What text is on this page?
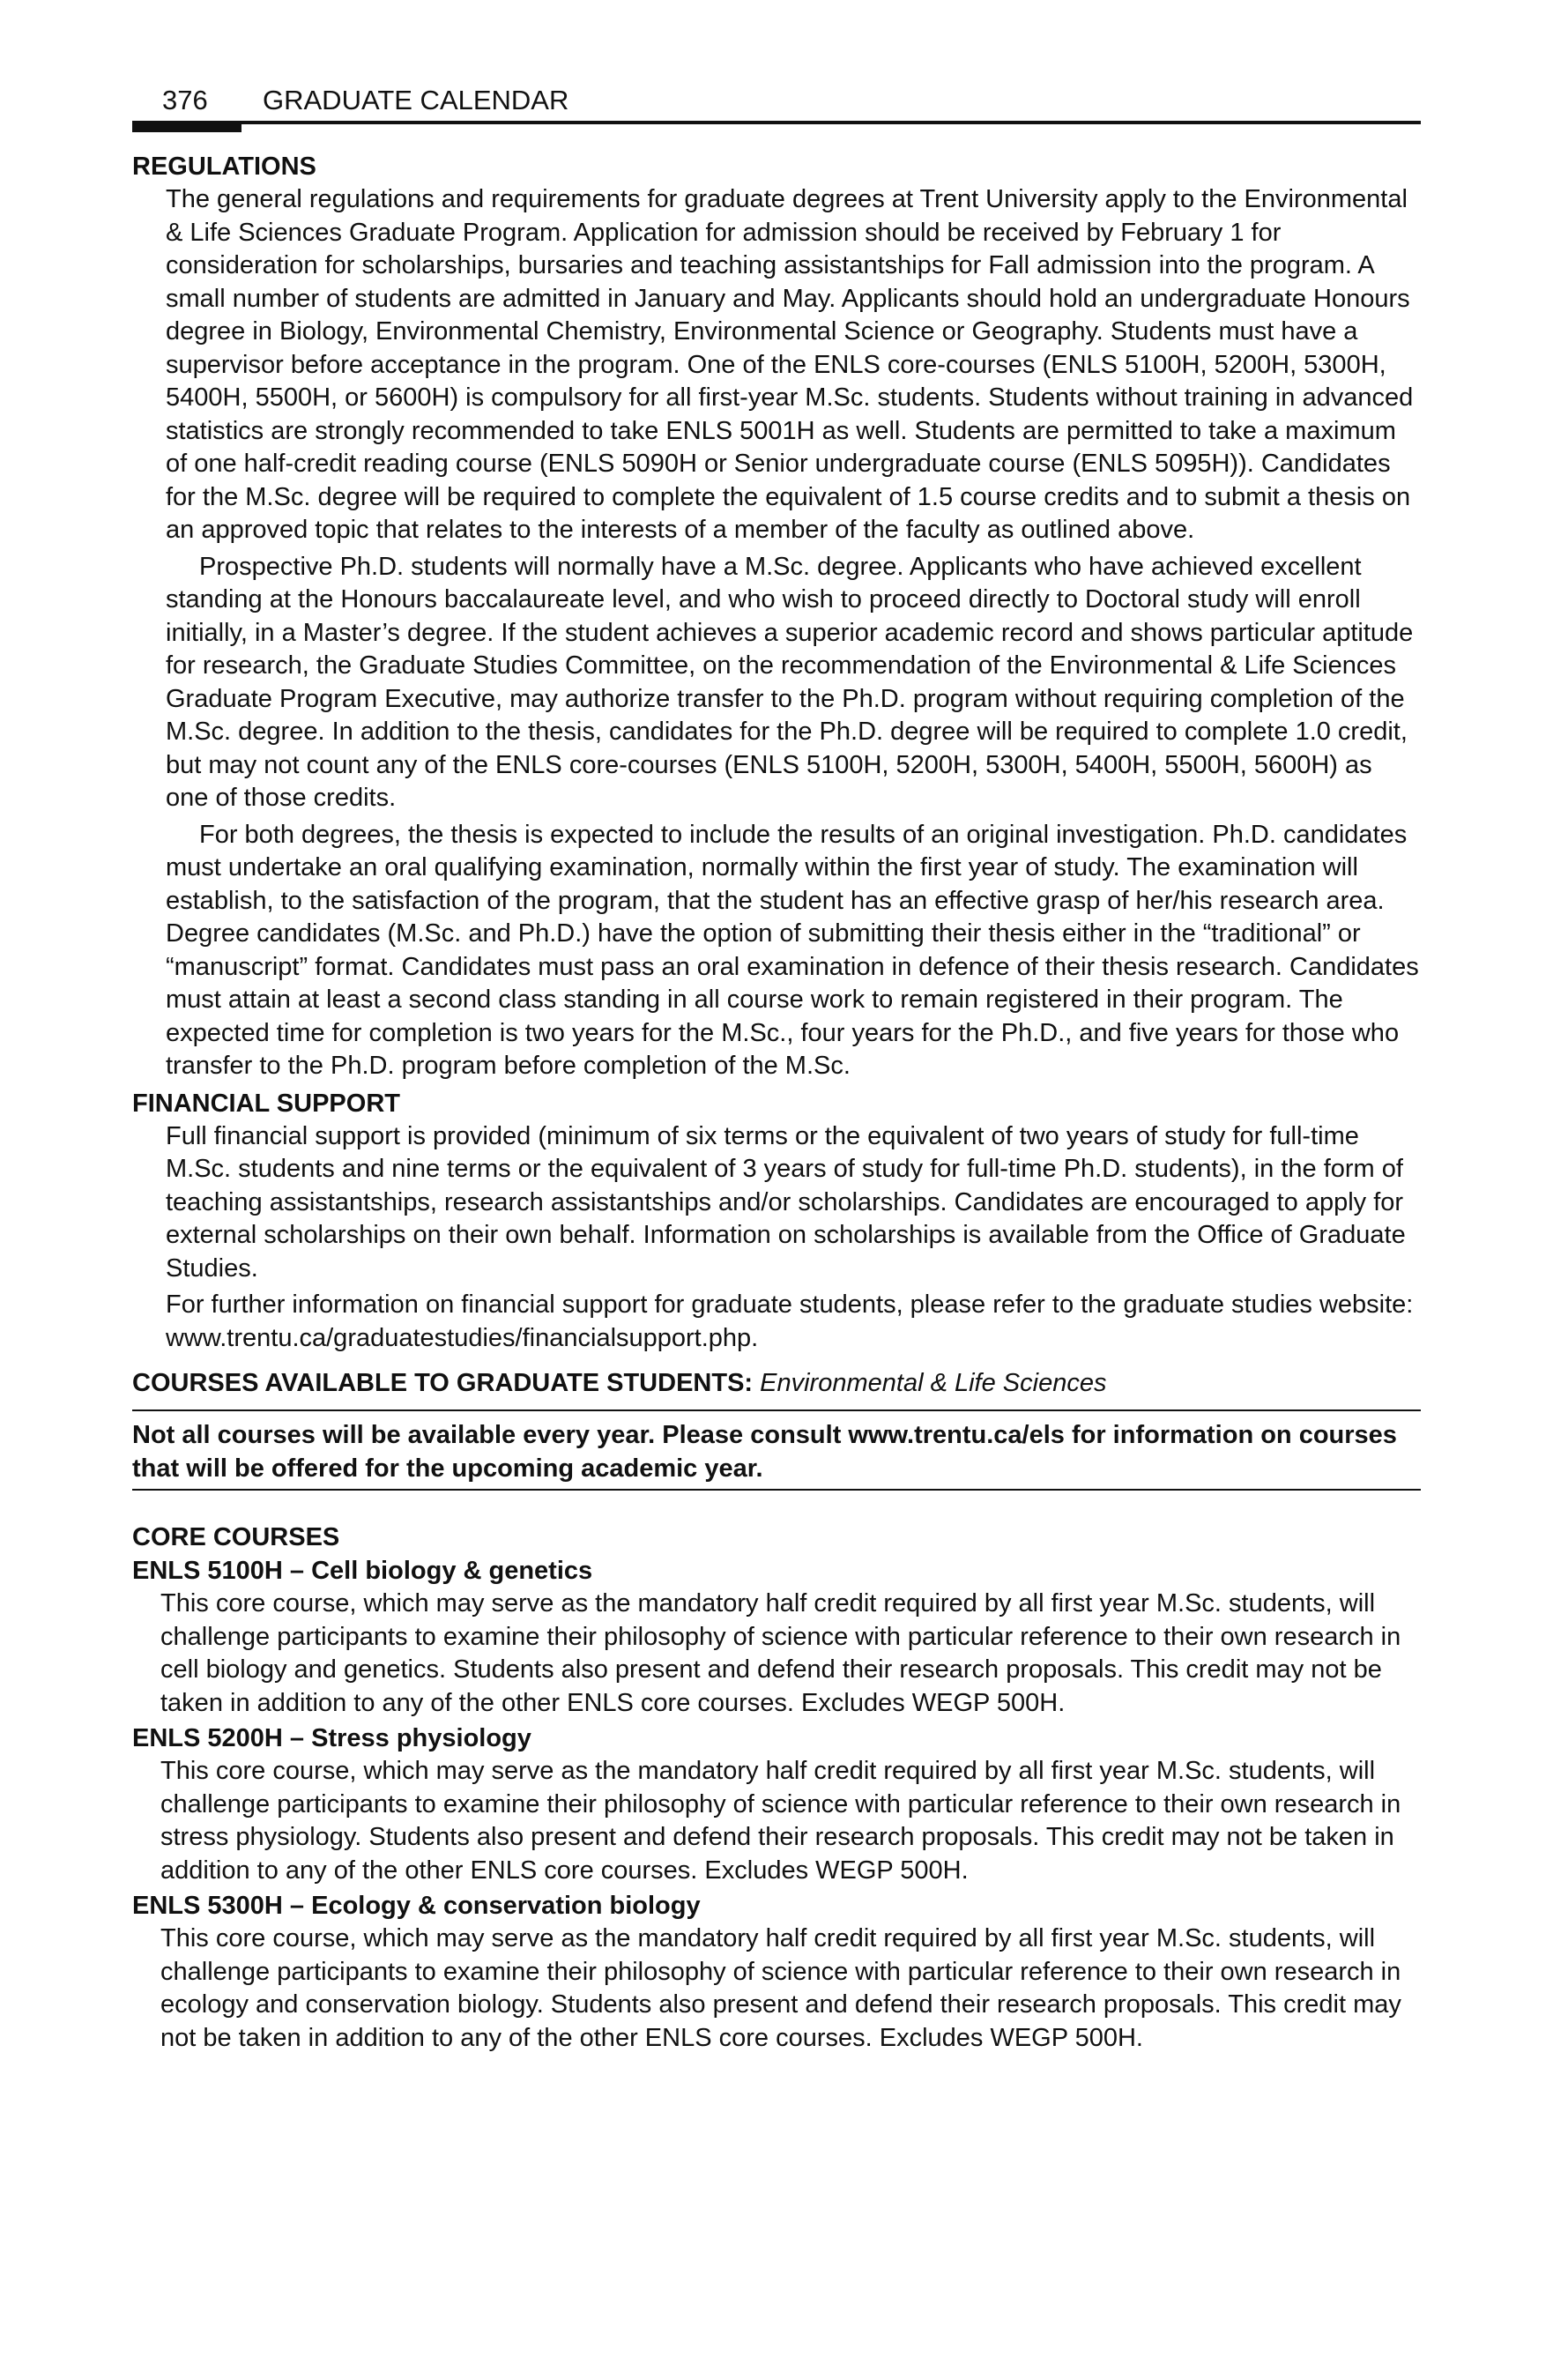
376 GRADUATE CALENDAR
REGULATIONS

The general regulations and requirements for graduate degrees at Trent University apply to the Environmental & Life Sciences Graduate Program. Application for admission should be received by February 1 for consideration for scholarships, bursaries and teaching assistantships for Fall admission into the program. A small number of students are admitted in January and May. Applicants should hold an undergraduate Honours degree in Biology, Environmental Chemistry, Environmental Science or Geography. Students must have a supervisor before acceptance in the program. One of the ENLS core-courses (ENLS 5100H, 5200H, 5300H, 5400H, 5500H, or 5600H) is compulsory for all first-year M.Sc. students. Students without training in advanced statistics are strongly recommended to take ENLS 5001H as well. Students are permitted to take a maximum of one half-credit reading course (ENLS 5090H or Senior undergraduate course (ENLS 5095H)). Candidates for the M.Sc. degree will be required to complete the equivalent of 1.5 course credits and to submit a thesis on an approved topic that relates to the interests of a member of the faculty as outlined above.

Prospective Ph.D. students will normally have a M.Sc. degree. Applicants who have achieved excellent standing at the Honours baccalaureate level, and who wish to proceed directly to Doctoral study will enroll initially, in a Master’s degree. If the student achieves a superior academic record and shows particular aptitude for research, the Graduate Studies Committee, on the recommendation of the Environmental & Life Sciences Graduate Program Executive, may authorize transfer to the Ph.D. program without requiring completion of the M.Sc. degree. In addition to the thesis, candidates for the Ph.D. degree will be required to complete 1.0 credit, but may not count any of the ENLS core-courses (ENLS 5100H, 5200H, 5300H, 5400H, 5500H, 5600H) as one of those credits.

For both degrees, the thesis is expected to include the results of an original investigation. Ph.D. candidates must undertake an oral qualifying examination, normally within the first year of study. The examination will establish, to the satisfaction of the program, that the student has an effective grasp of her/his research area. Degree candidates (M.Sc. and Ph.D.) have the option of submitting their thesis either in the “traditional” or “manuscript” format. Candidates must pass an oral examination in defence of their thesis research. Candidates must attain at least a second class standing in all course work to remain registered in their program. The expected time for completion is two years for the M.Sc., four years for the Ph.D., and five years for those who transfer to the Ph.D. program before completion of the M.Sc.

FINANCIAL SUPPORT

Full financial support is provided (minimum of six terms or the equivalent of two years of study for full-time M.Sc. students and nine terms or the equivalent of 3 years of study for full-time Ph.D. students), in the form of teaching assistantships, research assistantships and/or scholarships. Candidates are encouraged to apply for external scholarships on their own behalf. Information on scholarships is available from the Office of Graduate Studies.

For further information on financial support for graduate students, please refer to the graduate studies website: www.trentu.ca/graduatestudies/financialsupport.php.

COURSES AVAILABLE TO GRADUATE STUDENTS: Environmental & Life Sciences
Not all courses will be available every year. Please consult www.trentu.ca/els for information on courses that will be offered for the upcoming academic year.
CORE COURSES
ENLS 5100H – Cell biology & genetics

This core course, which may serve as the mandatory half credit required by all first year M.Sc. students, will challenge participants to examine their philosophy of science with particular reference to their own research in cell biology and genetics. Students also present and defend their research proposals. This credit may not be taken in addition to any of the other ENLS core courses. Excludes WEGP 500H.

ENLS 5200H – Stress physiology

This core course, which may serve as the mandatory half credit required by all first year M.Sc. students, will challenge participants to examine their philosophy of science with particular reference to their own research in stress physiology. Students also present and defend their research proposals. This credit may not be taken in addition to any of the other ENLS core courses. Excludes WEGP 500H.

ENLS 5300H – Ecology & conservation biology

This core course, which may serve as the mandatory half credit required by all first year M.Sc. students, will challenge participants to examine their philosophy of science with particular reference to their own research in ecology and conservation biology. Students also present and defend their research proposals. This credit may not be taken in addition to any of the other ENLS core courses. Excludes WEGP 500H.
